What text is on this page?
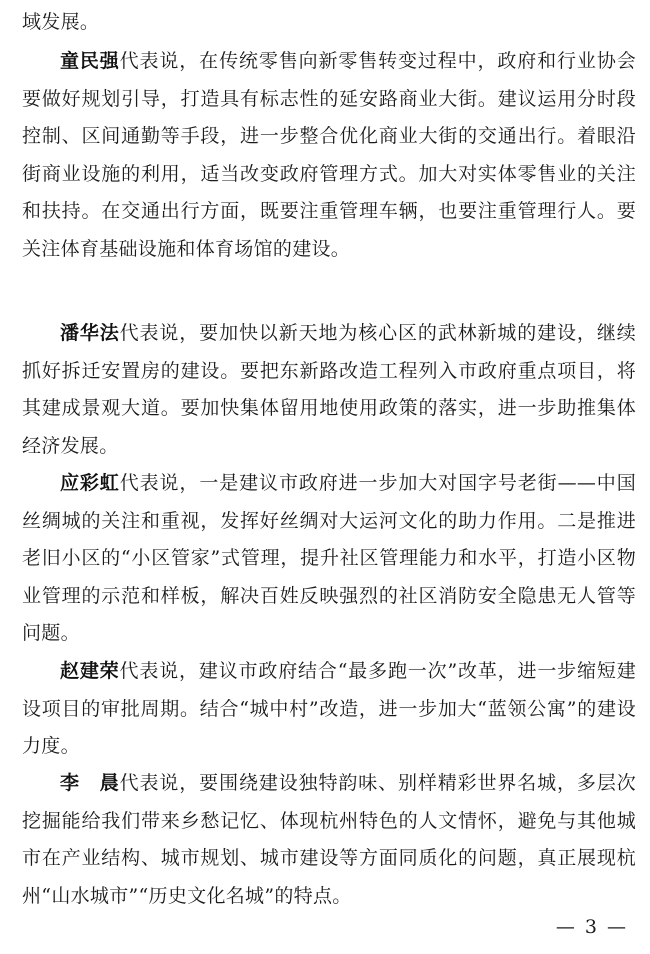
域发展。

童民强代表说，在传统零售向新零售转变过程中，政府和行业协会要做好规划引导，打造具有标志性的延安路商业大街。建议运用分时段控制、区间通勤等手段，进一步整合优化商业大街的交通出行。着眼沿街商业设施的利用，适当改变政府管理方式。加大对实体零售业的关注和扶持。在交通出行方面，既要注重管理车辆，也要注重管理行人。要关注体育基础设施和体育场馆的建设。

潘华法代表说，要加快以新天地为核心区的武林新城的建设，继续抓好拆迁安置房的建设。要把东新路改造工程列入市政府重点项目，将其建成景观大道。要加快集体留用地使用政策的落实，进一步助推集体经济发展。

应彩虹代表说，一是建议市政府进一步加大对国字号老街——中国丝绸城的关注和重视，发挥好丝绸对大运河文化的助力作用。二是推进老旧小区的“小区管家”式管理，提升社区管理能力和水平，打造小区物业管理的示范和样板，解决百姓反映强烈的社区消防安全隐患无人管等问题。

赵建荣代表说，建议市政府结合“最多跑一次”改革，进一步缩短建设项目的审批周期。结合“城中村”改造，进一步加大“蓝领公寓”的建设力度。

李　晨代表说，要围绕建设独特韵味、别样精彩世界名城，多层次挖掘能给我们带来乡愁记忆、体现杭州特色的人文情怀，避免与其他城市在产业结构、城市规划、城市建设等方面同质化的问题，真正展现杭州“山水城市”“历史文化名城”的特点。

— 3 —
